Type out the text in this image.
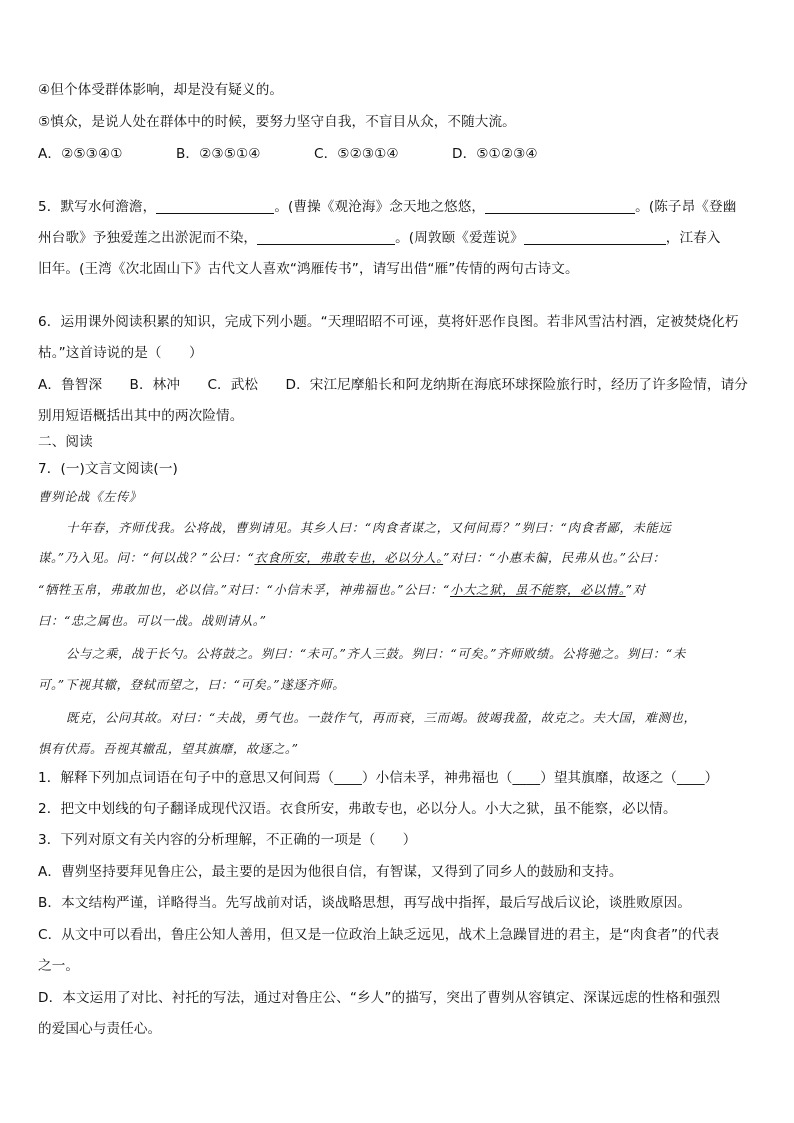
④但个体受群体影响，却是没有疑义的。
⑤慎众，是说人处在群体中的时候，要努力坚守自我，不盲目从众，不随大流。
A．②⑤③④①	B．②③⑤①④	C．⑤②③①④	D．⑤①②③④
5．默写水何澹澹，	。(曹操《观沧海》念天地之悠悠，	。(陈子昂《登幽
州台歌》予独爱莲之出淤泥而不染，	。(周敦颐《爱莲说》	，江春入
旧年。(王湾《次北固山下》古代文人喜欢“鸿雁传书”，请写出借“雁”传情的两句古诗文。
6．运用课外阅读积累的知识，完成下列小题。“天理昭昭不可诬，莫将奸恶作良图。若非风雪沽村酒，定被焚烧化朽
枯。”这首诗说的是（　　）
A．鲁智深　　B．林冲　　C．武松　　D．宋江尼摩船长和阿龙纳斯在海底环球探险旅行时，经历了许多险情，请分
别用短语概括出其中的两次险情。
二、阅读
7．(一)文言文阅读(一)
曹刿论战《左传》
十年春，齐师伐我。公将战，曹刿请见。其乡人曰：“肉食者谋之，又何间焉？”刿曰：“肉食者鄙，未能远
谋。”乃入见。问：“何以战？”公曰：“衣食所安，弗敢专也，必以分人。”对曰：“小惠未徧，民弗从也。”公曰：
“牺牲玉帛，弗敢加也，必以信。”对曰：“小信未孚，神弗福也。”公曰：“小大之狱，虽不能察，必以情。”对
曰：“忠之属也。可以一战。战则请从。”
公与之乘，战于长勺。公将鼓之。刿曰：“未可。”齐人三鼓。刿曰：“可矣。”齐师败绩。公将驰之。刿曰：“未
可。”下视其辙，登轼而望之，曰：“可矣。”遂逐齐师。
既克，公问其故。对曰：“夫战，勇气也。一鼓作气，再而衰，三而竭。彼竭我盈，故克之。夫大国，难测也，
惧有伏焉。吾视其辙乱，望其旗靡，故逐之。”
1．解释下列加点词语在句子中的意思又何间焉（____）小信未孚，神弗福也（____）望其旗靡，故逐之（____）
2．把文中划线的句子翻译成现代汉语。衣食所安，弗敢专也，必以分人。小大之狱，虽不能察，必以情。
3．下列对原文有关内容的分析理解，不正确的一项是（　　）
A．曹刿坚持要拜见鲁庄公，最主要的是因为他很自信，有智谋，又得到了同乡人的鼓励和支持。
B．本文结构严谨，详略得当。先写战前对话，谈战略思想，再写战中指挥，最后写战后议论，谈胜败原因。
C．从文中可以看出，鲁庄公知人善用，但又是一位政治上缺乏远见，战术上急躁冒进的君主，是“肉食者”的代表
之一。
D．本文运用了对比、衬托的写法，通过对鲁庄公、“乡人”的描写，突出了曹刿从容镇定、深谋远虑的性格和强烈
的爱国心与责任心。
